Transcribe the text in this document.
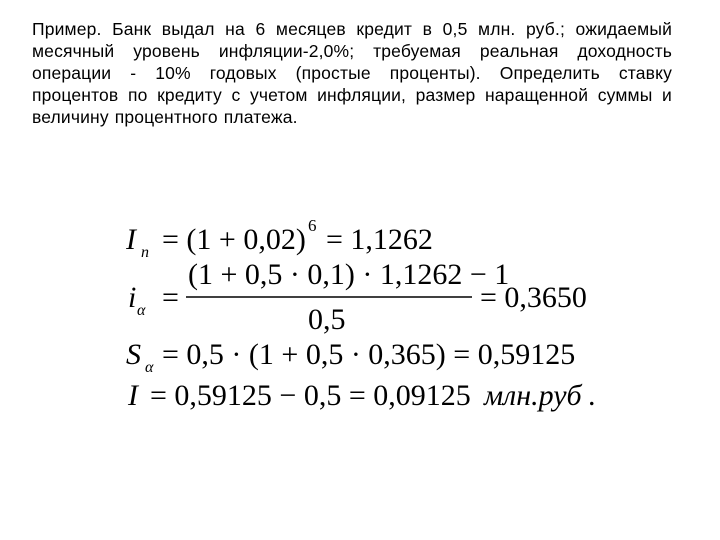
Пример. Банк выдал на 6 месяцев кредит в 0,5 млн. руб.; ожидаемый месячный уровень инфляции-2,0%; требуемая реальная доходность операции - 10% годовых (простые проценты). Определить ставку процентов по кредиту с учетом инфляции, размер наращенной суммы и величину процентного платежа.

I п = (1 + 0,02) 6 = 1,1262
i α =
(1 + 0,5 · 0,1) · 1,1262 − 1
0,5
= 0,3650
S α = 0,5 · (1 + 0,5 · 0,365) = 0,59125
I = 0,59125 − 0,5 = 0,09125 млн.руб .
